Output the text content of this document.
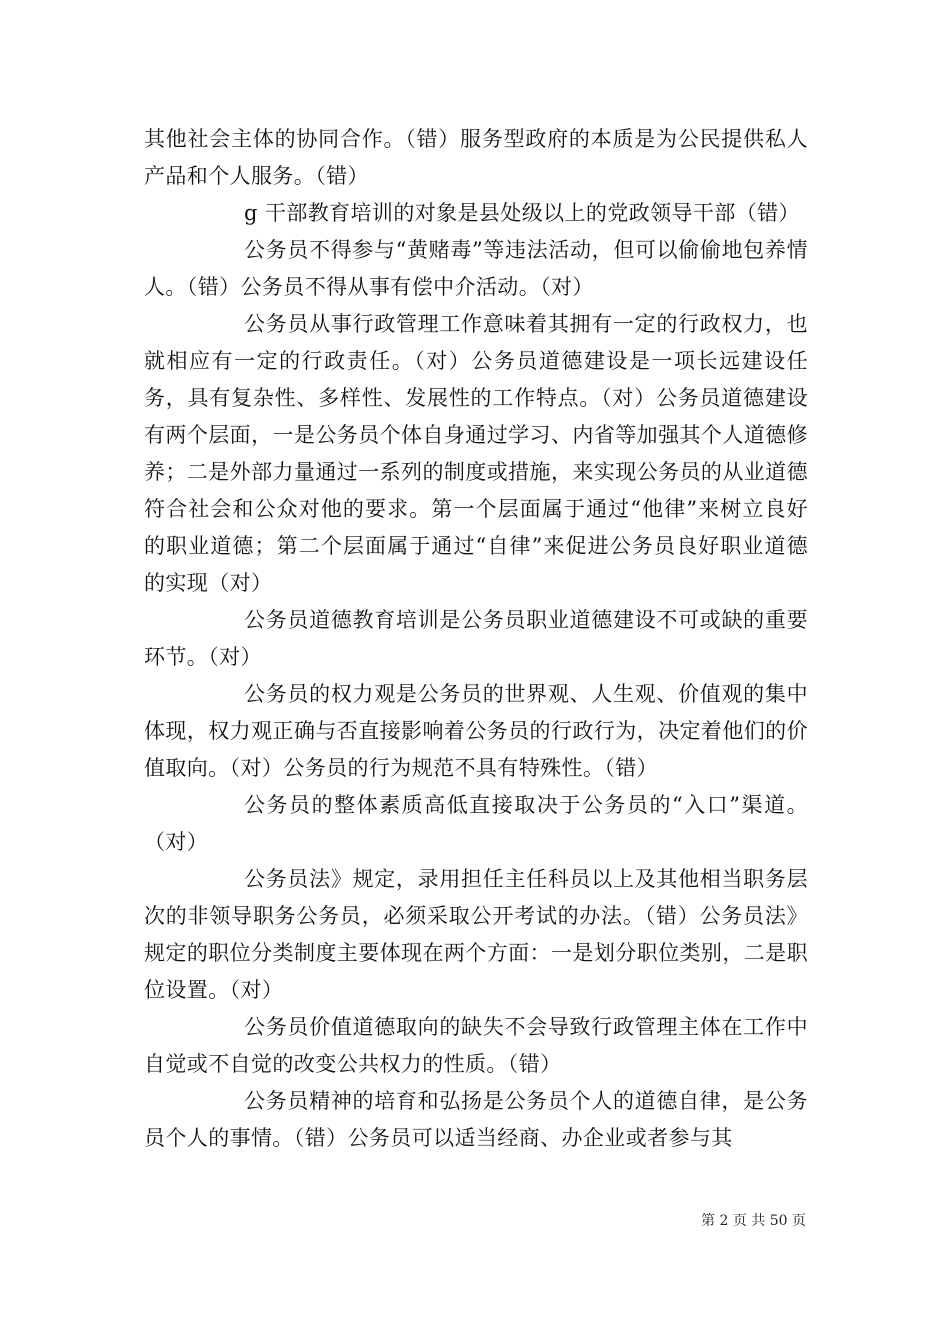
其他社会主体的协同合作。（错）服务型政府的本质是为公民提供私人产品和个人服务。（错）

g 干部教育培训的对象是县处级以上的党政领导干部（错）

公务员不得参与“黄赌毒”等违法活动，但可以偷偷地包养情人。（错）公务员不得从事有偿中介活动。（对）

公务员从事行政管理工作意味着其拥有一定的行政权力，也就相应有一定的行政责任。（对）公务员道德建设是一项长远建设任务，具有复杂性、多样性、发展性的工作特点。（对）公务员道德建设有两个层面，一是公务员个体自身通过学习、内省等加强其个人道德修养；二是外部力量通过一系列的制度或措施，来实现公务员的从业道德符合社会和公众对他的要求。第一个层面属于通过“他律”来树立良好的职业道德；第二个层面属于通过“自律”来促进公务员良好职业道德的实现（对）

公务员道德教育培训是公务员职业道德建设不可或缺的重要环节。（对）

公务员的权力观是公务员的世界观、人生观、价值观的集中体现，权力观正确与否直接影响着公务员的行政行为，决定着他们的价值取向。（对）公务员的行为规范不具有特殊性。（错）

公务员的整体素质高低直接取决于公务员的“入口”渠道。（对）

公务员法》规定，录用担任主任科员以上及其他相当职务层次的非领导职务公务员，必须采取公开考试的办法。（错）公务员法》规定的职位分类制度主要体现在两个方面：一是划分职位类别，二是职位设置。（对）

公务员价值道德取向的缺失不会导致行政管理主体在工作中自觉或不自觉的改变公共权力的性质。（错）

公务员精神的培育和弘扬是公务员个人的道德自律，是公务员个人的事情。（错）公务员可以适当经商、办企业或者参与其

第 2 页 共 50 页
